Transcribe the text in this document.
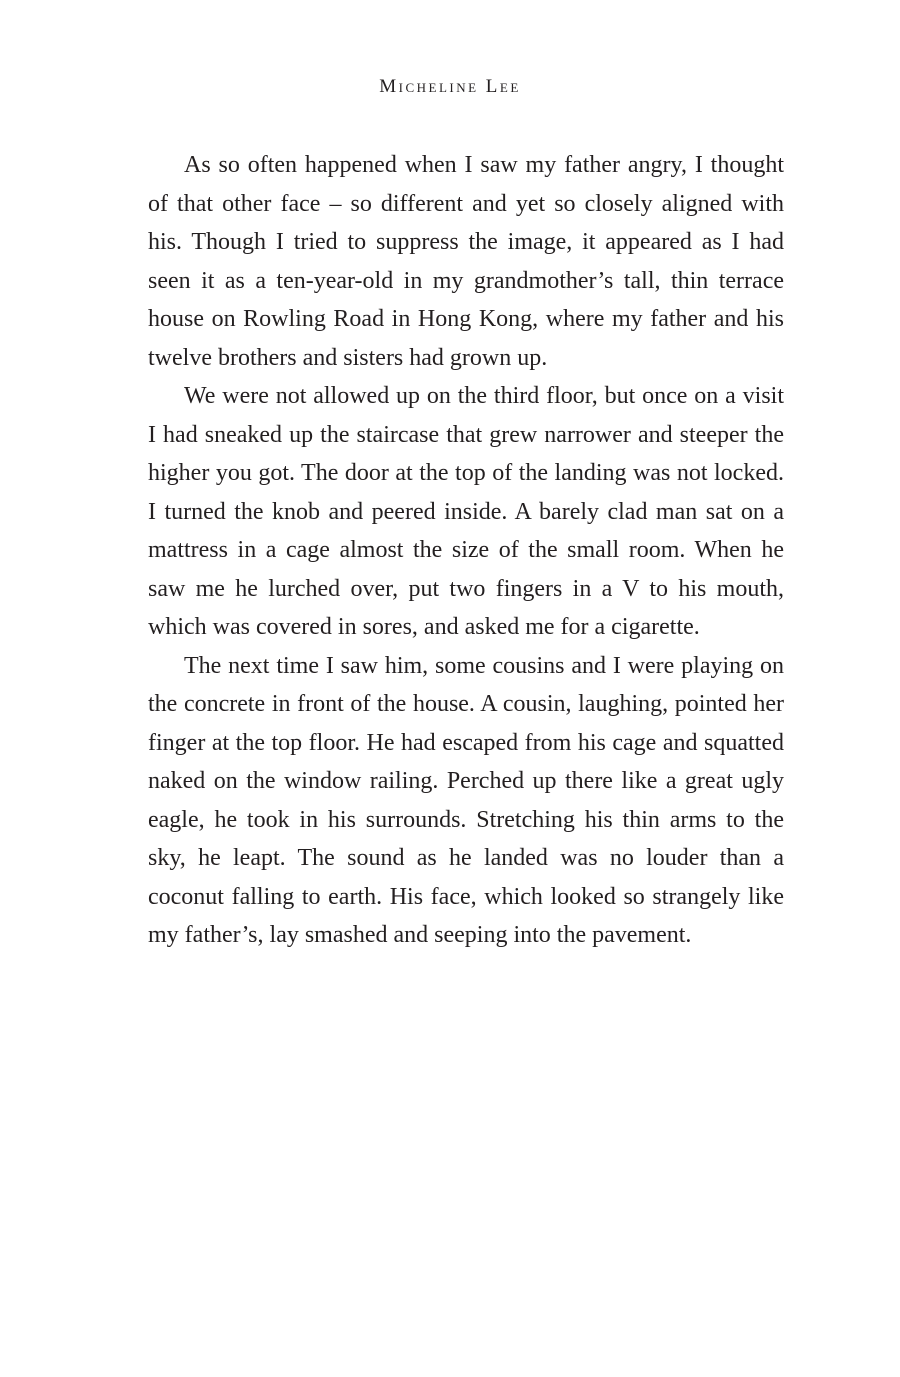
Micheline Lee

As so often happened when I saw my father angry, I thought of that other face – so different and yet so closely aligned with his. Though I tried to suppress the image, it appeared as I had seen it as a ten-year-old in my grandmother’s tall, thin terrace house on Rowling Road in Hong Kong, where my father and his twelve brothers and sisters had grown up.

We were not allowed up on the third floor, but once on a visit I had sneaked up the staircase that grew narrower and steeper the higher you got. The door at the top of the landing was not locked. I turned the knob and peered inside. A barely clad man sat on a mattress in a cage almost the size of the small room. When he saw me he lurched over, put two fingers in a V to his mouth, which was covered in sores, and asked me for a cigarette.

The next time I saw him, some cousins and I were playing on the concrete in front of the house. A cousin, laughing, pointed her finger at the top floor. He had escaped from his cage and squatted naked on the window railing. Perched up there like a great ugly eagle, he took in his surrounds. Stretching his thin arms to the sky, he leapt. The sound as he landed was no louder than a coconut falling to earth. His face, which looked so strangely like my father’s, lay smashed and seeping into the pavement.
